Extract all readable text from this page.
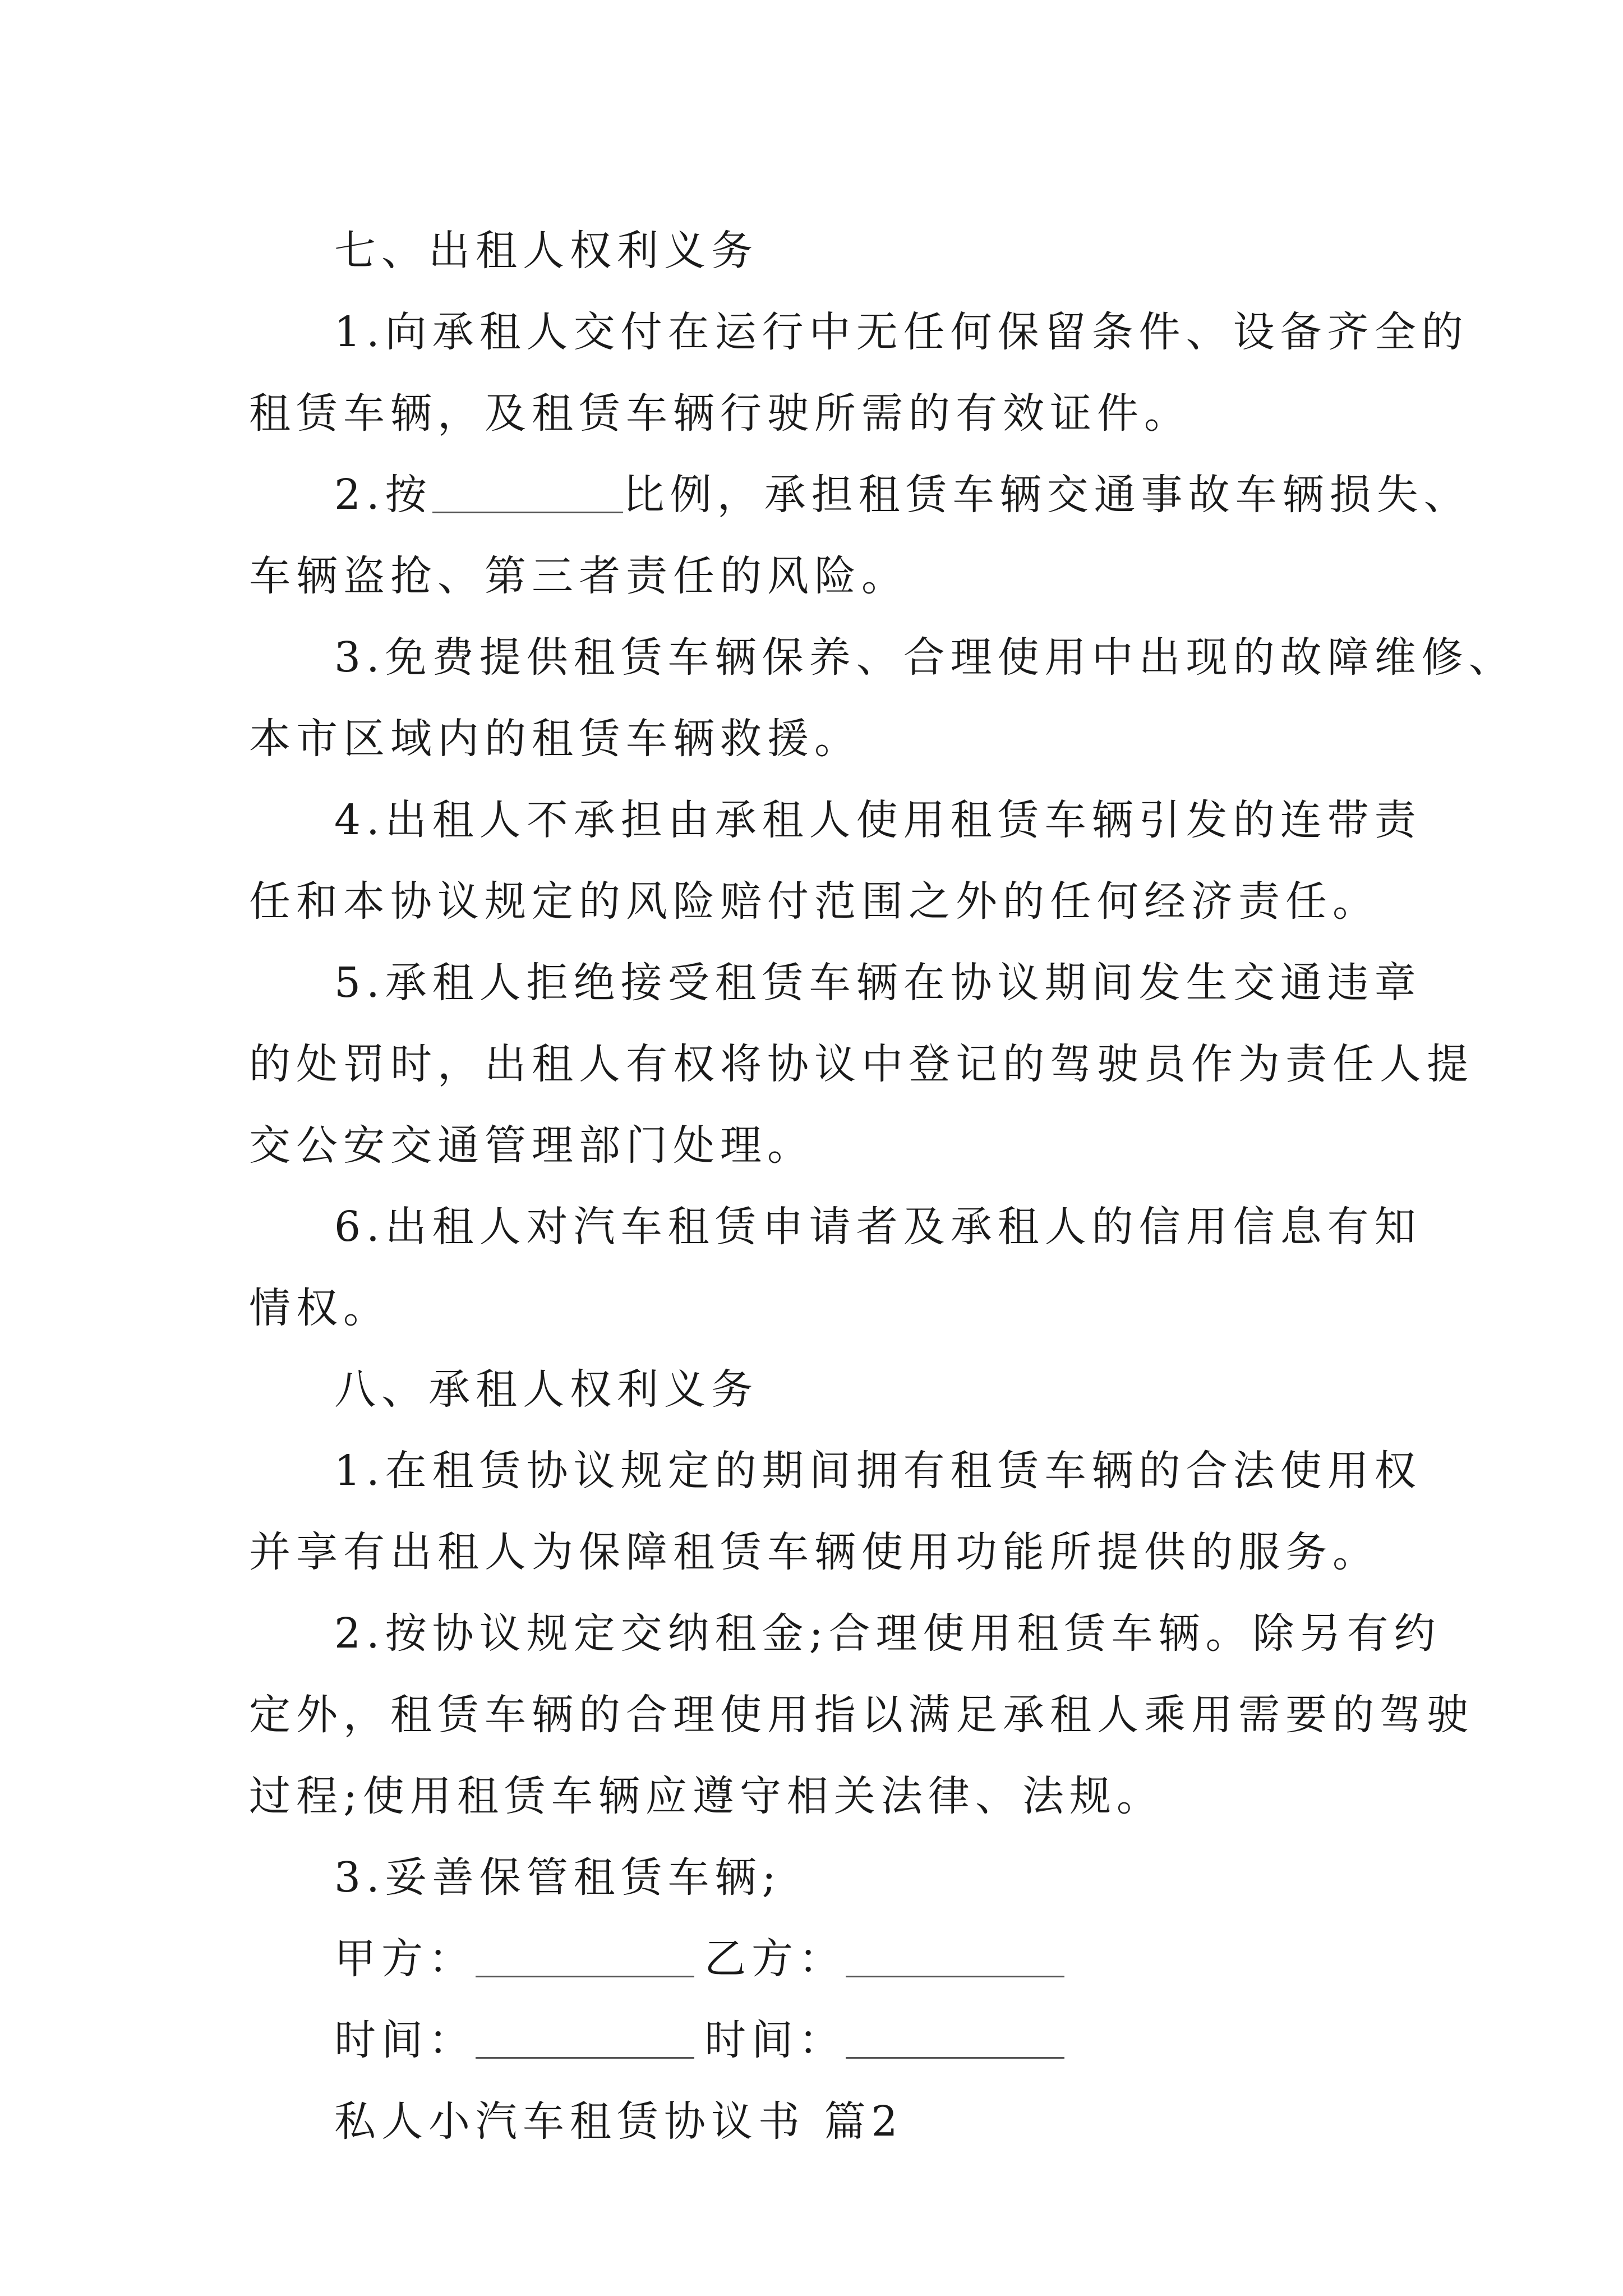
七、出租人权利义务
1.向承租人交付在运行中无任何保留条件、设备齐全的
租赁车辆，及租赁车辆行驶所需的有效证件。
2.按	比例，承担租赁车辆交通事故车辆损失、
车辆盗抢、第三者责任的风险。
3.免费提供租赁车辆保养、合理使用中出现的故障维修、
本市区域内的租赁车辆救援。
4.出租人不承担由承租人使用租赁车辆引发的连带责
任和本协议规定的风险赔付范围之外的任何经济责任。
5.承租人拒绝接受租赁车辆在协议期间发生交通违章
的处罚时，出租人有权将协议中登记的驾驶员作为责任人提
交公安交通管理部门处理。
6.出租人对汽车租赁申请者及承租人的信用信息有知
情权。
八、承租人权利义务
1.在租赁协议规定的期间拥有租赁车辆的合法使用权
并享有出租人为保障租赁车辆使用功能所提供的服务。
2.按协议规定交纳租金;合理使用租赁车辆。除另有约
定外，租赁车辆的合理使用指以满足承租人乘用需要的驾驶
过程;使用租赁车辆应遵守相关法律、法规。
3.妥善保管租赁车辆;
甲方：	乙方：
时间：	时间：
私人小汽车租赁协议书 篇2
